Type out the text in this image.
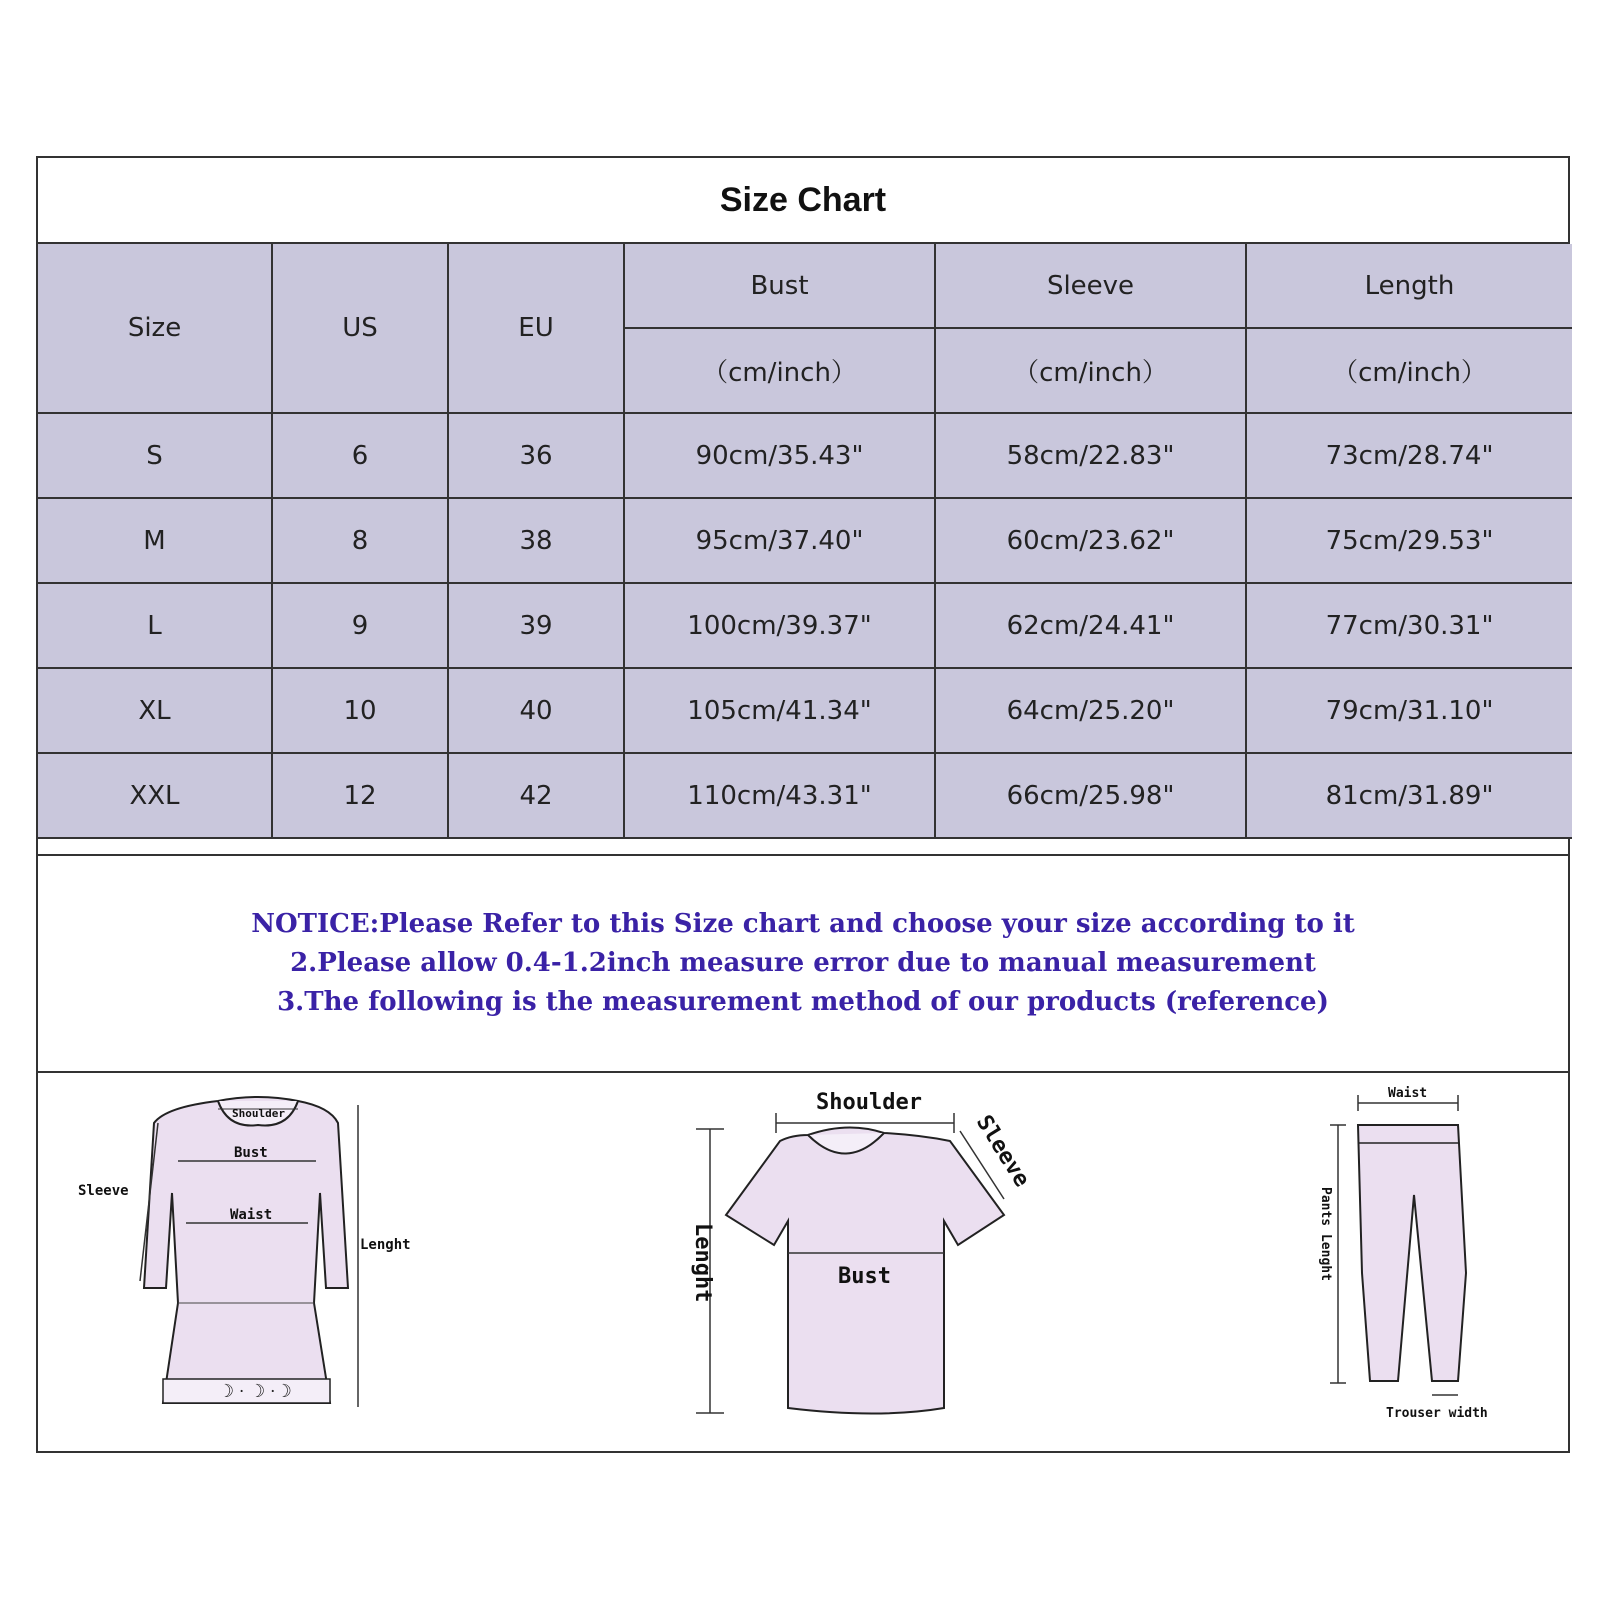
Size Chart
Size	US	EU	Bust	Sleeve	Length
			（cm/inch）	（cm/inch）	（cm/inch）
S	6	36	90cm/35.43"	58cm/22.83"	73cm/28.74"
M	8	38	95cm/37.40"	60cm/23.62"	75cm/29.53"
L	9	39	100cm/39.37"	62cm/24.41"	77cm/30.31"
XL	10	40	105cm/41.34"	64cm/25.20"	79cm/31.10"
XXL	12	42	110cm/43.31"	66cm/25.98"	81cm/31.89"
NOTICE:Please Refer to this Size chart and choose your size according to it
2.Please allow 0.4-1.2inch measure error due to manual measurement
3.The following is the measurement method of our products (reference)
☽ · ☽ ·☽
Shoulder
Bust
Waist
Sleeve
Lenght
Shoulder
Sleeve
Bust
Lenght
Waist
Pants Lenght
Trouser width
